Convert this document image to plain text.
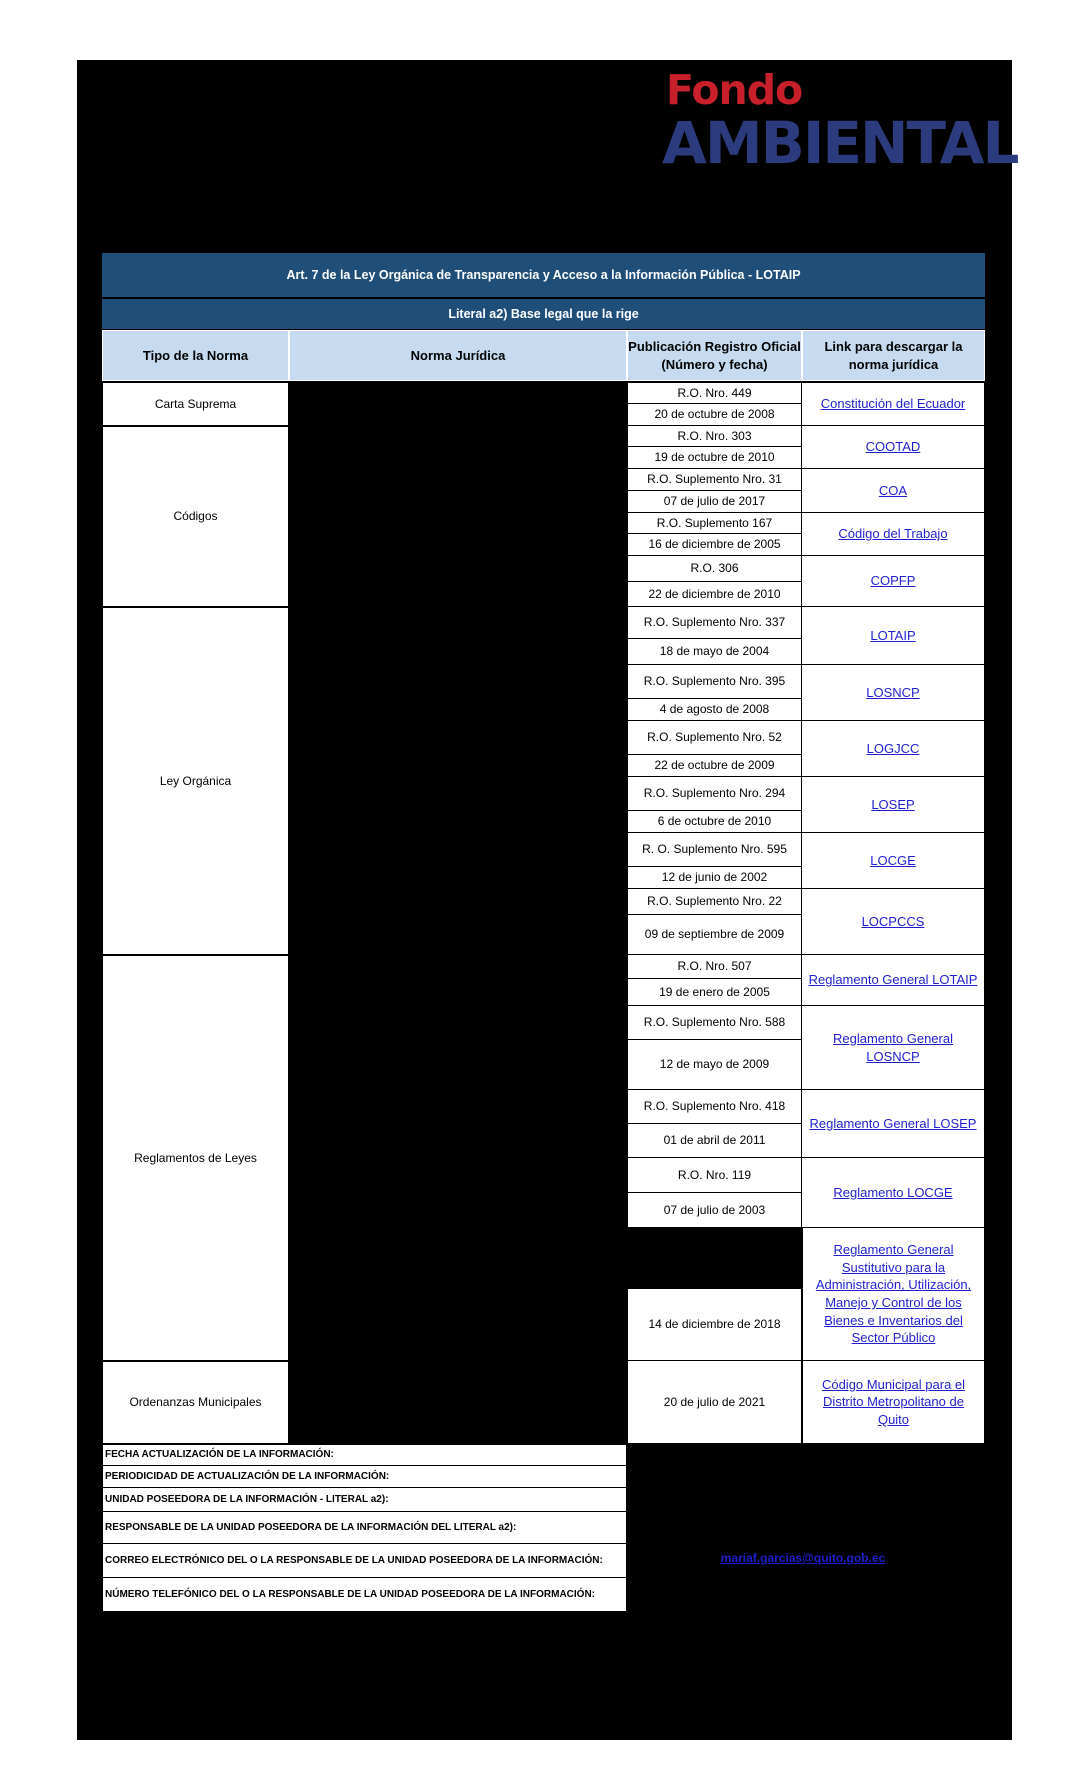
Fondo
AMBIENTAL
Art. 7 de la Ley Orgánica de Transparencia y Acceso a la Información Pública - LOTAIP
Literal a2) Base legal que la rige
Tipo de la Norma	Norma Jurídica
Publicación Registro Oficial (Número y fecha)
Link para descargar la norma jurídica
Carta Suprema
Códigos
Ley Orgánica
Reglamentos de Leyes
Ordenanzas Municipales
R.O. Nro. 449
20 de octubre de 2008
R.O. Nro. 303
19 de octubre de 2010
R.O. Suplemento Nro. 31
07 de julio de 2017
R.O. Suplemento 167
16 de diciembre de 2005
R.O. 306
22 de diciembre de 2010
R.O. Suplemento Nro. 337
18 de mayo de 2004
R.O. Suplemento Nro. 395
4 de agosto de 2008
R.O. Suplemento Nro. 52
22 de octubre de 2009
R.O. Suplemento Nro. 294
6 de octubre de 2010
R. O. Suplemento Nro. 595
12 de junio de 2002
R.O. Suplemento Nro. 22
09 de septiembre de 2009
R.O. Nro. 507
19 de enero de 2005
R.O. Suplemento Nro. 588
12 de mayo de 2009
R.O. Suplemento Nro. 418
01 de abril de 2011
R.O. Nro. 119
07 de julio de 2003
14 de diciembre de 2018
20 de julio de 2021
Constitución del Ecuador
COOTAD
COA
Código del Trabajo
COPFP
LOTAIP
LOSNCP
LOGJCC
LOSEP
LOCGE
LOCPCCS
Reglamento General LOTAIP
Reglamento General LOSNCP
Reglamento General LOSEP
Reglamento LOCGE
Reglamento General Sustitutivo para la Administración, Utilización, Manejo y Control de los Bienes e Inventarios del Sector Público
Código Municipal para el Distrito Metropolitano de Quito
FECHA ACTUALIZACIÓN DE LA INFORMACIÓN:
PERIODICIDAD DE ACTUALIZACIÓN DE LA INFORMACIÓN:
UNIDAD POSEEDORA DE LA INFORMACIÓN - LITERAL a2):
RESPONSABLE DE LA UNIDAD POSEEDORA DE LA INFORMACIÓN DEL LITERAL a2):
CORREO ELECTRÓNICO DEL O LA RESPONSABLE DE LA UNIDAD POSEEDORA DE LA INFORMACIÓN:
NÚMERO TELEFÓNICO DEL O LA RESPONSABLE DE LA UNIDAD POSEEDORA DE LA INFORMACIÓN:
mariaf.garcias@quito.gob.ec
